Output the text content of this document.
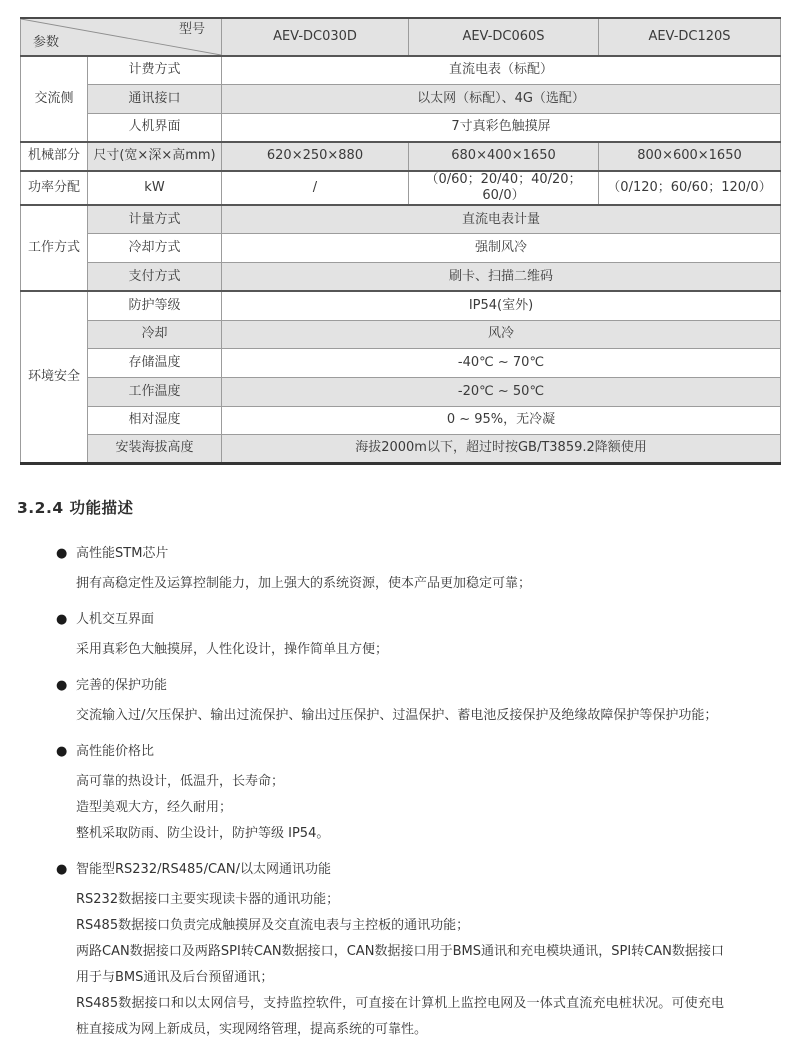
型号
参数		AEV-DC030D	AEV-DC060S	AEV-DC120S
交流侧	计费方式	直流电表（标配）		
	通讯接口	以太网（标配）、4G（选配）		
	人机界面	7寸真彩色触摸屏		
机械部分	尺寸(宽×深×高mm)	620×250×880	680×400×1650	800×600×1650
功率分配	kW	/	（0/60；20/40；40/20；60/0）	（0/120；60/60；120/0）
工作方式	计量方式	直流电表计量		
	冷却方式	强制风冷		
	支付方式	刷卡、扫描二维码		
环境安全	防护等级	IP54(室外)		
	冷却	风冷		
	存储温度	-40℃ ~ 70℃		
	工作温度	-20℃ ~ 50℃		
	相对湿度	0 ~ 95%，无冷凝		
	安装海拔高度	海拔2000m以下，超过时按GB/T3859.2降额使用		
3.2.4 功能描述
● 高性能STM芯片

拥有高稳定性及运算控制能力，加上强大的系统资源，使本产品更加稳定可靠；

● 人机交互界面

采用真彩色大触摸屏，人性化设计，操作简单且方便；

● 完善的保护功能

交流输入过/欠压保护、输出过流保护、输出过压保护、过温保护、蓄电池反接保护及绝缘故障保护等保护功能；

● 高性能价格比

高可靠的热设计，低温升，长寿命；

造型美观大方，经久耐用；

整机采取防雨、防尘设计，防护等级 IP54。

● 智能型RS232/RS485/CAN/以太网通讯功能

RS232数据接口主要实现读卡器的通讯功能；

RS485数据接口负责完成触摸屏及交直流电表与主控板的通讯功能；

两路CAN数据接口及两路SPI转CAN数据接口，CAN数据接口用于BMS通讯和充电模块通讯，SPI转CAN数据接口用于与BMS通讯及后台预留通讯；

RS485数据接口和以太网信号，支持监控软件，可直接在计算机上监控电网及一体式直流充电桩状况。可使充电桩直接成为网上新成员，实现网络管理，提高系统的可靠性。
